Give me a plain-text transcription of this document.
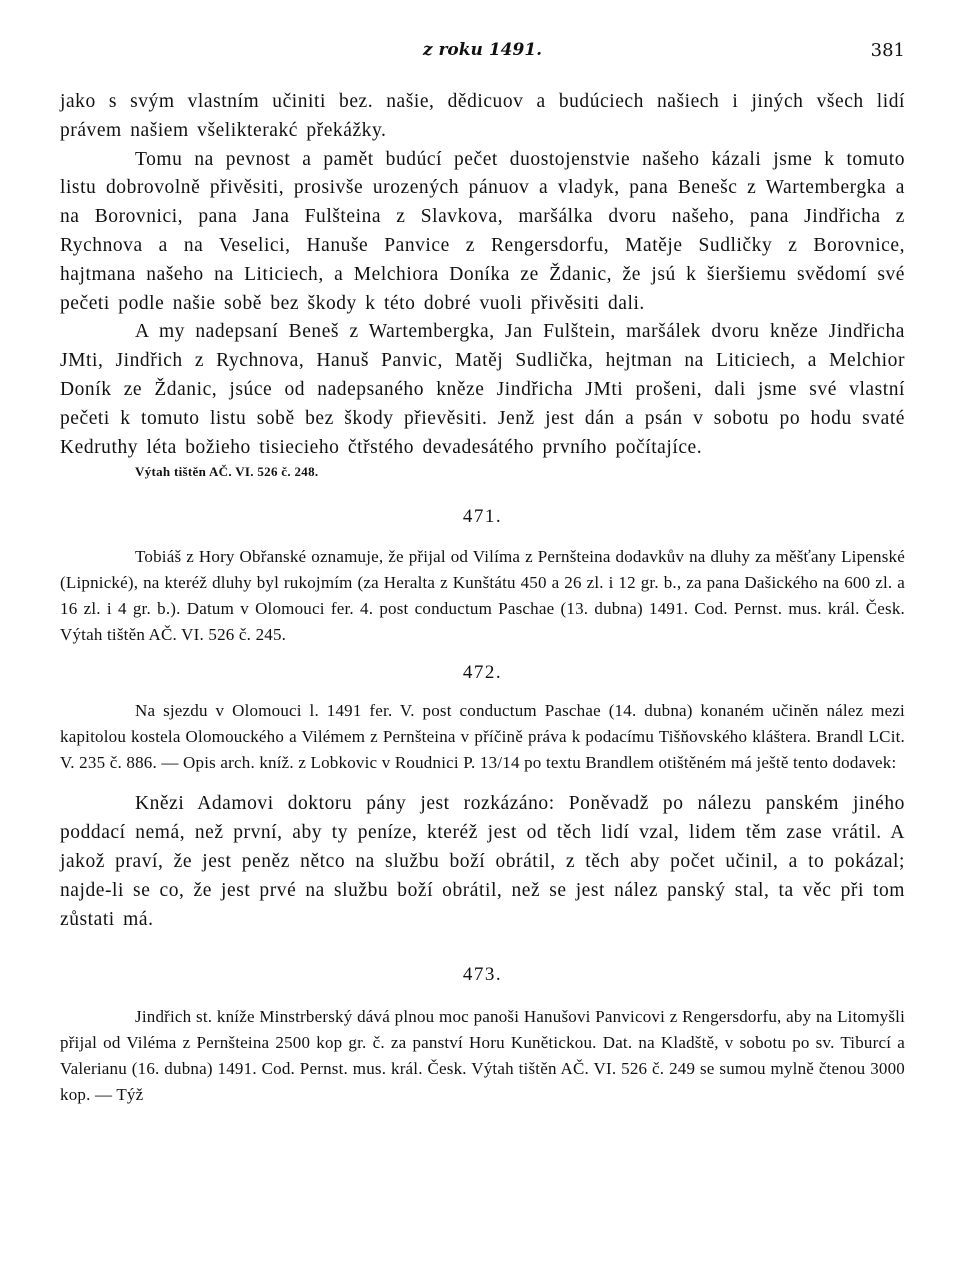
z roku 1491.	381

jako s svým vlastním učiniti bez. našie, dědicuov a budúciech našiech i jiných všech lidí právem našiem všelikterakć překážky.

Tomu na pevnost a pamět budúcí pečet duostojenstvie našeho kázali jsme k tomuto listu dobrovolně přivěsiti, prosivše urozených pánuov a vladyk, pana Benešc z Wartembergka a na Borovnici, pana Jana Fulšteina z Slavkova, maršálka dvoru našeho, pana Jindřicha z Rychnova a na Veselici, Hanuše Panvice z Rengersdorfu, Matěje Sudličky z Borovnice, hajtmana našeho na Liticiech, a Melchiora Doníka ze Ždanic, že jsú k šieršiemu svědomí své pečeti podle našie sobě bez škody k této dobré vuoli přivěsiti dali.

A my nadepsaní Beneš z Wartembergka, Jan Fulštein, maršálek dvoru kněze Jindřicha JMti, Jindřich z Rychnova, Hanuš Panvic, Matěj Sudlička, hejtman na Liticiech, a Melchior Doník ze Ždanic, jsúce od nadepsaného kněze Jindřicha JMti prošeni, dali jsme své vlastní pečeti k tomuto listu sobě bez škody přievěsiti. Jenž jest dán a psán v sobotu po hodu svaté Kedruthy léta božieho tisiecieho čtřstého devadesátého prvního počítajíce.

Výtah tištěn AČ. VI. 526 č. 248.
471.

Tobiáš z Hory Obřanské oznamuje, že přijal od Vilíma z Pernšteina dodavkův na dluhy za měšťany Lipenské (Lipnické), na kteréž dluhy byl rukojmím (za Heralta z Kunštátu 450 a 26 zl. i 12 gr. b., za pana Dašického na 600 zl. a 16 zl. i 4 gr. b.). Datum v Olomouci fer. 4. post conductum Paschae (13. dubna) 1491. Cod. Pernst. mus. král. Česk. Výtah tištěn AČ. VI. 526 č. 245.

472.

Na sjezdu v Olomouci l. 1491 fer. V. post conductum Paschae (14. dubna) konaném učiněn nález mezi kapitolou kostela Olomouckého a Vilémem z Pernšteina v příčině práva k podacímu Tišňovského kláštera. Brandl LCit. V. 235 č. 886. — Opis arch. kníž. z Lobkovic v Roudnici P. 13/14 po textu Brandlem otištěném má ještě tento dodavek:

Knězi Adamovi doktoru pány jest rozkázáno: Poněvadž po nálezu panském jiného poddací nemá, než první, aby ty peníze, kteréž jest od těch lidí vzal, lidem těm zase vrátil. A jakož praví, že jest peněz nětco na službu boží obrátil, z těch aby počet učinil, a to pokázal; najde-li se co, že jest prvé na službu boží obrátil, než se jest nález panský stal, ta věc při tom zůstati má.

473.

Jindřich st. kníže Minstrberský dává plnou moc panoši Hanušovi Panvicovi z Rengersdorfu, aby na Litomyšli přijal od Viléma z Pernšteina 2500 kop gr. č. za panství Horu Kunětickou. Dat. na Kladště, v sobotu po sv. Tiburcí a Valerianu (16. dubna) 1491. Cod. Pernst. mus. král. Česk. Výtah tištěn AČ. VI. 526 č. 249 se sumou mylně čtenou 3000 kop. — Týž
